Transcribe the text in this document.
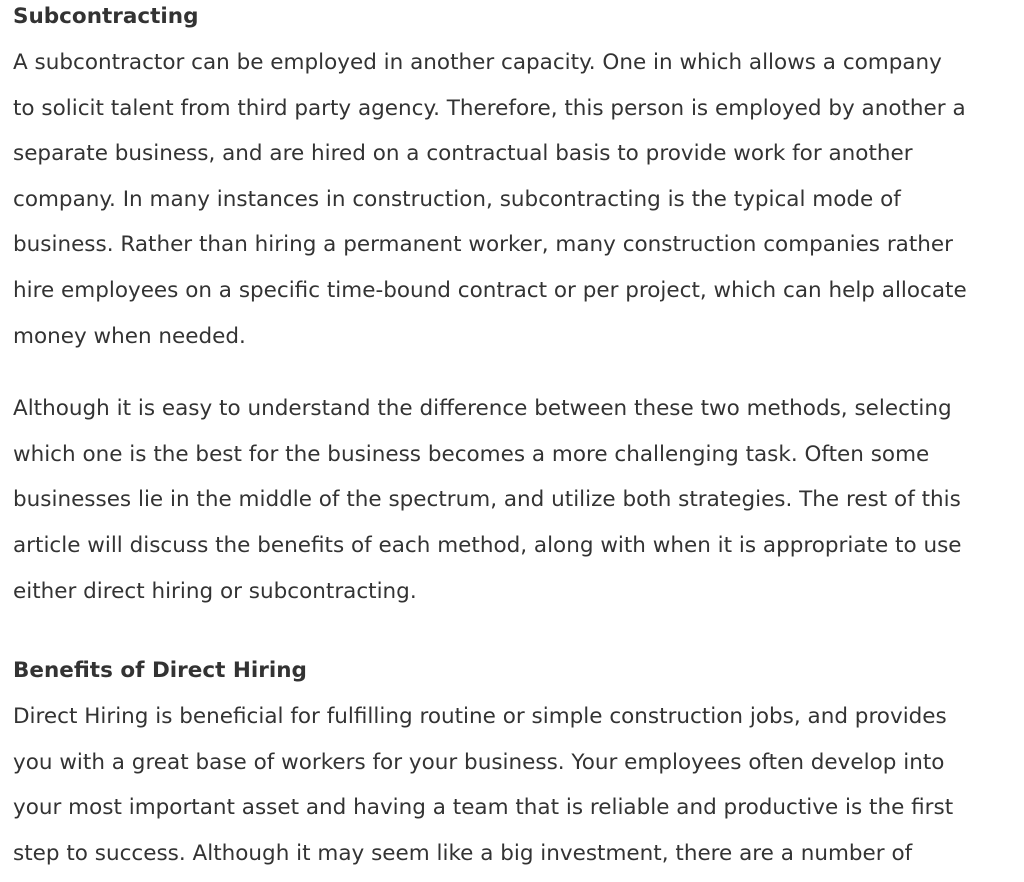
Subcontracting

A subcontractor can be employed in another capacity. One in which allows a company
to solicit talent from third party agency. Therefore, this person is employed by another a
separate business, and are hired on a contractual basis to provide work for another
company. In many instances in construction, subcontracting is the typical mode of
business. Rather than hiring a permanent worker, many construction companies rather
hire employees on a specific time-bound contract or per project, which can help allocate
money when needed.

Although it is easy to understand the difference between these two methods, selecting
which one is the best for the business becomes a more challenging task. Often some
businesses lie in the middle of the spectrum, and utilize both strategies. The rest of this
article will discuss the benefits of each method, along with when it is appropriate to use
either direct hiring or subcontracting.

Benefits of Direct Hiring

Direct Hiring is beneficial for fulfilling routine or simple construction jobs, and provides
you with a great base of workers for your business. Your employees often develop into
your most important asset and having a team that is reliable and productive is the first
step to success. Although it may seem like a big investment, there are a number of
